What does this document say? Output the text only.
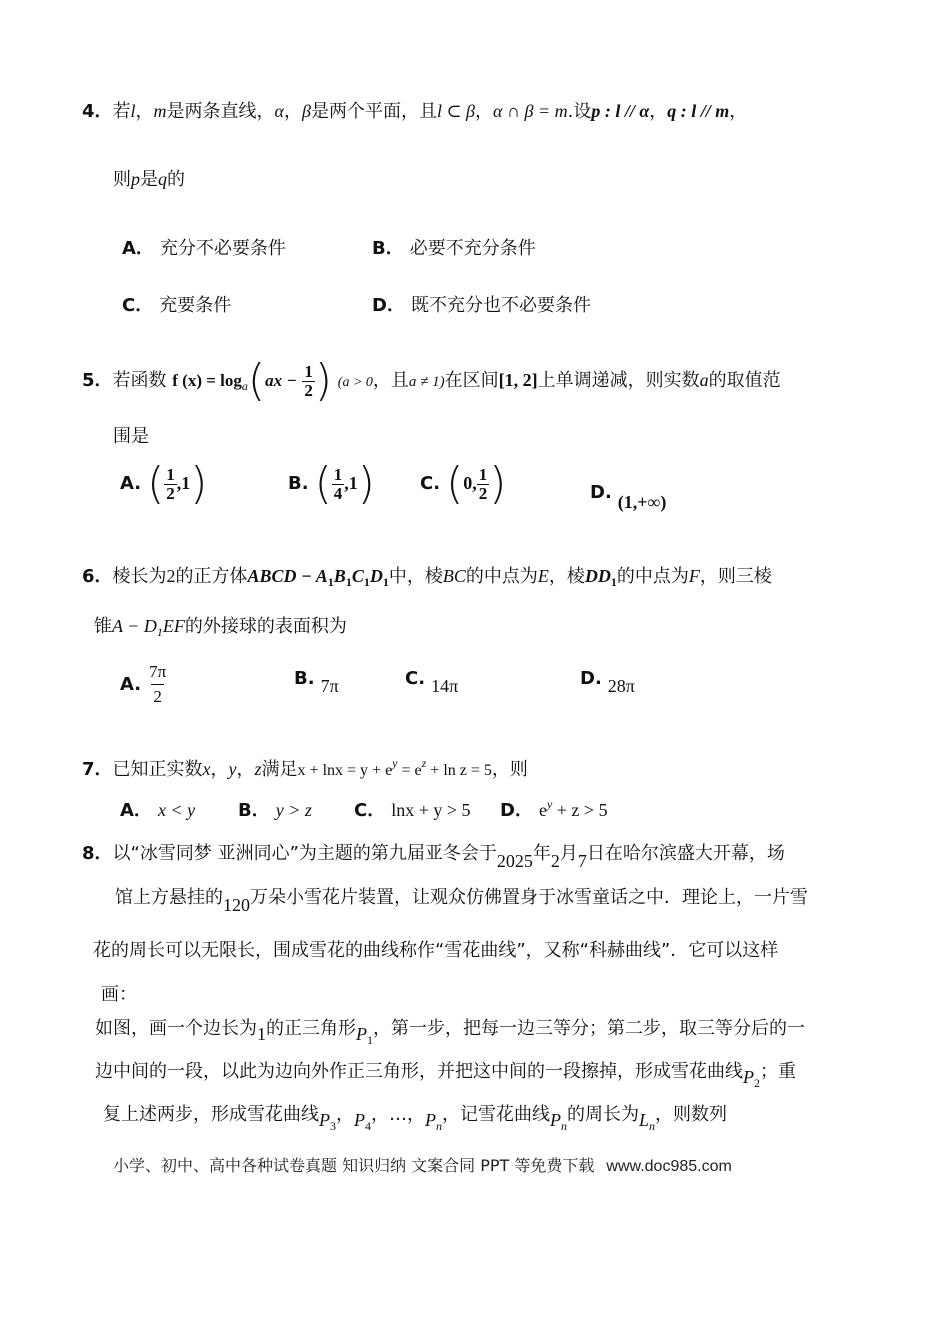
4．若l，m是两条直线，α，β是两个平面，且l ⊂ β，α ∩ β = m.设p : l // α，q : l // m，
则p是q的
A． 充分不必要条件	B． 必要不充分条件
C． 充要条件	D． 既不充分也不必要条件
5．若函数 f $(x) = \log_a(ax - \frac{1}{2}$ ) (a > 0，且a ≠ 1)在区间[1, 2]上单调递减，则实数a的取值范
围是
A. ( $\frac{1}{2} ,1$)	B. ( $\frac{1}{4} ,1$)	C. (0, $\frac{1}{2}$ )	D. (1,+∞)
6．棱长为2的正方体ABCD − $A_1B_1C_1D_1$中，棱BC的中点为E，棱$DD_1$的中点为F，则三棱
锥$A - D_1EF$的外接球的表面积为
A. $\frac{7\pi}{2}$	B. 7π	C. 14π	D. 28π
7．已知正实数x，y，z满足$x + \ln x = y + e^y = e^z + \ln z = 5$，则
A． x < y B． y > z C． lnx + y > 5 D． $e^y + z > 5$
8．以“冰雪同梦 亚洲同心”为主题的第九届亚冬会于2025年2月7日在哈尔滨盛大开幕，场
馆上方悬挂的120万朵小雪花片装置，让观众仿佛置身于冰雪童话之中．理论上，一片雪
花的周长可以无限长，围成雪花的曲线称作“雪花曲线”，又称“科赫曲线”．它可以这样
画：
如图，画一个边长为1的正三角形$P_1$，第一步，把每一边三等分；第二步，取三等分后的一
边中间的一段，以此为边向外作正三角形，并把这中间的一段擦掉，形成雪花曲线$P_2$；重
复上述两步，形成雪花曲线$P_3$，$P_4$，…，$P_n$，记雪花曲线$P_n$的周长为$L_n$，则数列
小学、初中、高中各种试卷真题 知识归纳 文案合同 PPT 等免费下载 www.doc985.com
